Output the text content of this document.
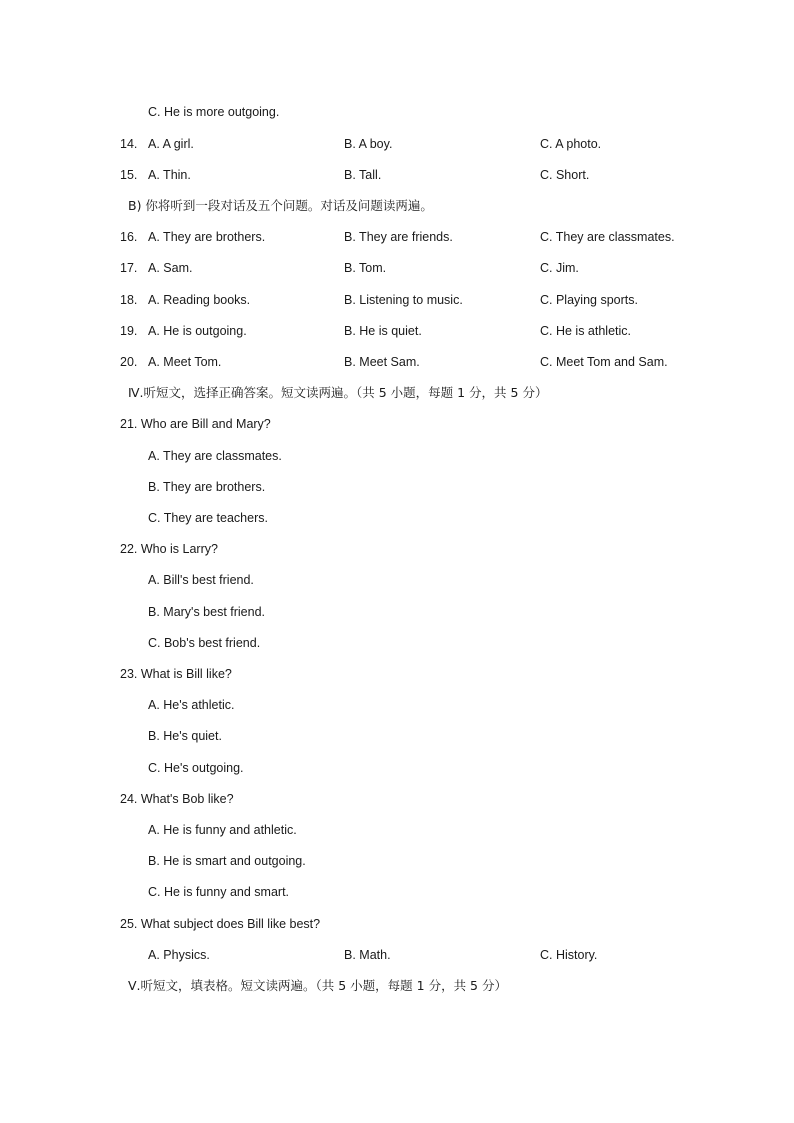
C. He is more outgoing.
14. A. A girl.	B. A boy.	C. A photo.
15. A. Thin.	B. Tall.	C. Short.
B) 你将听到一段对话及五个问题。对话及问题读两遍。
16. A. They are brothers.	B. They are friends.	C. They are classmates.
17. A. Sam.	B. Tom.	C. Jim.
18. A. Reading books.	B. Listening to music.	C. Playing sports.
19. A. He is outgoing.	B. He is quiet.	C. He is athletic.
20. A. Meet Tom.	B. Meet Sam.	C. Meet Tom and Sam.
Ⅳ.听短文，选择正确答案。短文读两遍。（共 5 小题，每题 1 分，共 5 分）
21. Who are Bill and Mary?
A. They are classmates.
B. They are brothers.
C. They are teachers.
22. Who is Larry?
A. Bill's best friend.
B. Mary's best friend.
C. Bob's best friend.
23. What is Bill like?
A. He's athletic.
B. He's quiet.
C. He's outgoing.
24. What's Bob like?
A. He is funny and athletic.
B. He is smart and outgoing.
C. He is funny and smart.
25. What subject does Bill like best?
A. Physics.	B. Math.	C. History.
Ⅴ.听短文，填表格。短文读两遍。（共 5 小题，每题 1 分，共 5 分）
